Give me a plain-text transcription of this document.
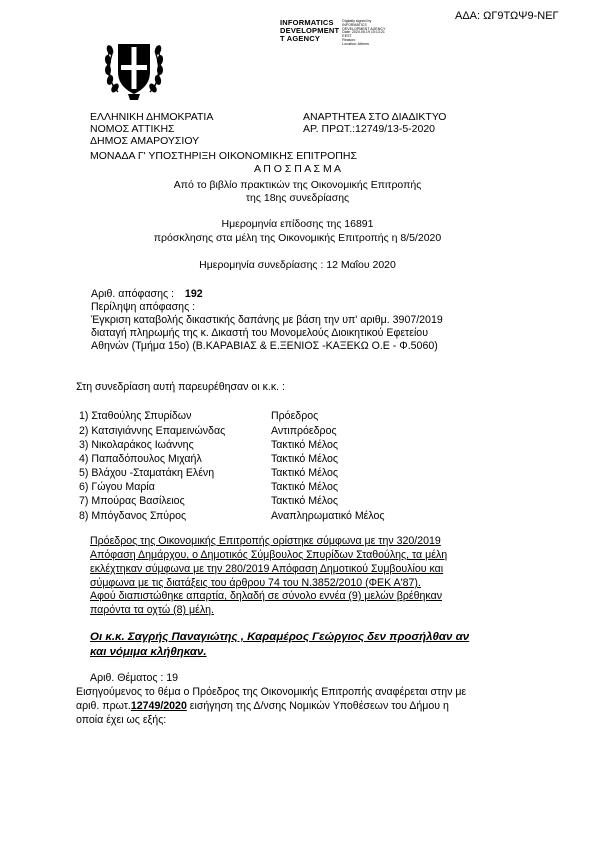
ΑΔΑ: ΩΓ9ΤΩΨ9-ΝΕΓ
INFORMATICS
DEVELOPMENT
T AGENCY
Digitally signed by
INFORMATICS
DEVELOPMENT AGENCY
Date: 2020.05.19 15:13:21
EEST
Reason:
Location: Athens
ΕΛΛΗΝΙΚΗ ΔΗΜΟΚΡΑΤΙΑ
ΝΟΜΟΣ ΑΤΤΙΚΗΣ
ΔΗΜΟΣ ΑΜΑΡΟΥΣΙΟΥ
ΑΝΑΡΤΗΤΕΑ ΣΤΟ ΔΙΑΔΙΚΤΥΟ
ΑΡ. ΠΡΩΤ.:12749/13-5-2020
ΜΟΝΑΔΑ Γ' ΥΠΟΣΤΗΡΙΞΗ ΟΙΚΟΝΟΜΙΚΗΣ ΕΠΙΤΡΟΠΗΣ
Α Π Ο Σ Π Α Σ Μ Α
Από το βιβλίο πρακτικών της Οικονομικής Επιτροπής
της 18ης συνεδρίασης
Ημερομηνία επίδοσης της 16891
πρόσκλησης στα μέλη της Οικονομικής Επιτροπής η 8/5/2020
Ημερομηνία συνεδρίασης : 12 Μαΐου 2020
Αριθ. απόφασης : 192
Περίληψη απόφασης :
Έγκριση καταβολής δικαστικής δαπάνης με βάση την υπ' αριθμ. 3907/2019
διαταγή πληρωμής της κ. Δικαστή του Μονομελούς Διοικητικού Εφετείου
Αθηνών (Τμήμα 15ο) (Β.ΚΑΡΑΒΙΑΣ & Ε.ΞΕΝΙΟΣ -ΚΑΞΕΚΩ Ο.Ε - Φ.5060)
Στη συνεδρίαση αυτή παρευρέθησαν οι κ.κ. :
1) Σταθούλης Σπυρίδων	Πρόεδρος
2) Κατσιγιάννης Επαμεινώνδας	Αντιπρόεδρος
3) Νικολαράκος Ιωάννης	Τακτικό Μέλος
4) Παπαδόπουλος Μιχαήλ	Τακτικό Μέλος
5) Βλάχου -Σταματάκη Ελένη	Τακτικό Μέλος
6) Γώγου Μαρία	Τακτικό Μέλος
7) Μπούρας Βασίλειος	Τακτικό Μέλος
8) Μπόγδανος Σπύρος	Αναπληρωματικό Μέλος
Πρόεδρος της Οικονομικής Επιτροπής ορίστηκε σύμφωνα με την 320/2019
Απόφαση Δημάρχου, ο Δημοτικός Σύμβουλος Σπυρίδων Σταθούλης, τα μέλη
εκλέχτηκαν σύμφωνα με την 280/2019 Απόφαση Δημοτικού Συμβουλίου και
σύμφωνα με τις διατάξεις του άρθρου 74 του Ν.3852/2010 (ΦΕΚ Α'87).
Αφού διαπιστώθηκε απαρτία, δηλαδή σε σύνολο εννέα (9) μελών βρέθηκαν
παρόντα τα οχτώ (8) μέλη.
Οι κ.κ. Σαγρής Παναγιώτης , Καραμέρος Γεώργιος δεν προσήλθαν αν
και νόμιμα κλήθηκαν.
Αριθ. Θέματος : 19
Εισηγούμενος το θέμα ο Πρόεδρος της Οικονομικής Επιτροπής αναφέρεται στην με
αριθ. πρωτ.12749/2020 εισήγηση της Δ/νσης Νομικών Υποθέσεων του Δήμου η
οποία έχει ως εξής:
